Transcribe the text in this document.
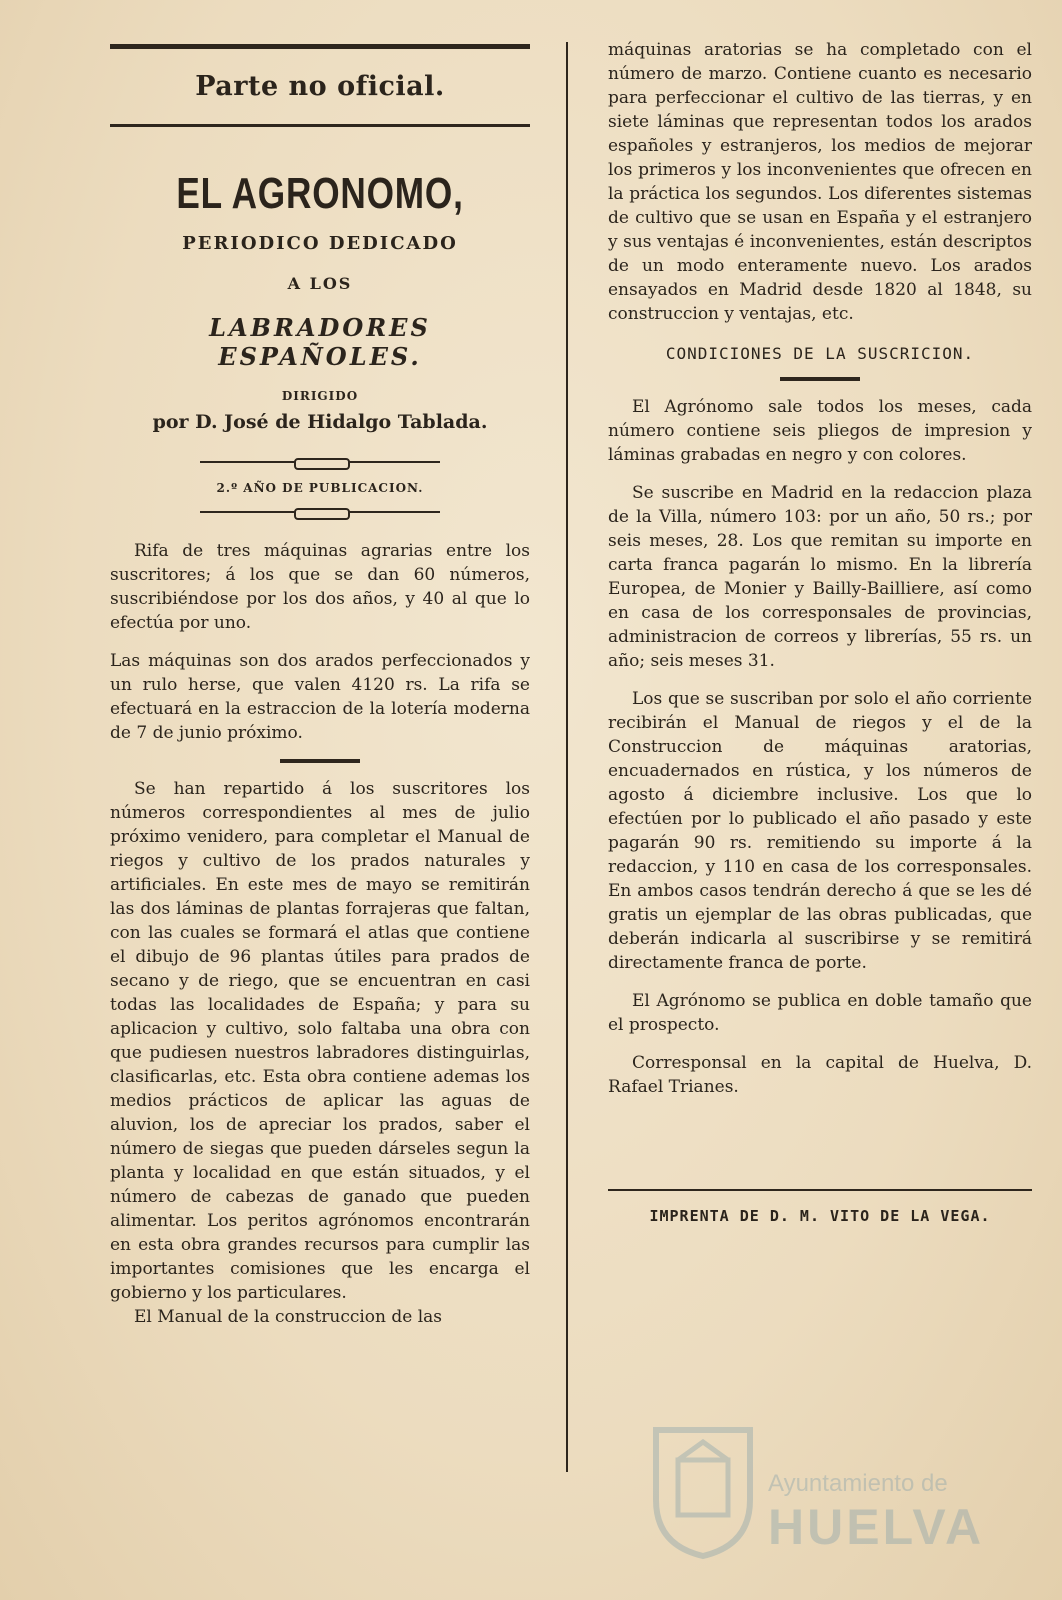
Parte no oficial.
EL AGRONOMO,
PERIODICO DEDICADO
A LOS
LABRADORES ESPAÑOLES.
DIRIGIDO
por D. José de Hidalgo Tablada.
2.º AÑO DE PUBLICACION.

Rifa de tres máquinas agrarias entre los suscritores; á los que se dan 60 números, suscribiéndose por los dos años, y 40 al que lo efectúa por uno.

Las máquinas son dos arados perfeccionados y un rulo herse, que valen 4120 rs. La rifa se efectuará en la estraccion de la lotería moderna de 7 de junio próximo.

Se han repartido á los suscritores los números correspondientes al mes de julio próximo venidero, para completar el Manual de riegos y cultivo de los prados naturales y artificiales. En este mes de mayo se remitirán las dos láminas de plantas forrajeras que faltan, con las cuales se formará el atlas que contiene el dibujo de 96 plantas útiles para prados de secano y de riego, que se encuentran en casi todas las localidades de España; y para su aplicacion y cultivo, solo faltaba una obra con que pudiesen nuestros labradores distinguirlas, clasificarlas, etc. Esta obra contiene ademas los medios prácticos de aplicar las aguas de aluvion, los de apreciar los prados, saber el número de siegas que pueden dárseles segun la planta y localidad en que están situados, y el número de cabezas de ganado que pueden alimentar. Los peritos agrónomos encontrarán en esta obra grandes recursos para cumplir las importantes comisiones que les encarga el gobierno y los particulares.

El Manual de la construccion de las

máquinas aratorias se ha completado con el número de marzo. Contiene cuanto es necesario para perfeccionar el cultivo de las tierras, y en siete láminas que representan todos los arados españoles y estranjeros, los medios de mejorar los primeros y los inconvenientes que ofrecen en la práctica los segundos. Los diferentes sistemas de cultivo que se usan en España y el estranjero y sus ventajas é inconvenientes, están descriptos de un modo enteramente nuevo. Los arados ensayados en Madrid desde 1820 al 1848, su construccion y ventajas, etc.

CONDICIONES DE LA SUSCRICION.

El Agrónomo sale todos los meses, cada número contiene seis pliegos de impresion y láminas grabadas en negro y con colores.

Se suscribe en Madrid en la redaccion plaza de la Villa, número 103: por un año, 50 rs.; por seis meses, 28. Los que remitan su importe en carta franca pagarán lo mismo. En la librería Europea, de Monier y Bailly-Bailliere, así como en casa de los corresponsales de provincias, administracion de correos y librerías, 55 rs. un año; seis meses 31.

Los que se suscriban por solo el año corriente recibirán el Manual de riegos y el de la Construccion de máquinas aratorias, encuadernados en rústica, y los números de agosto á diciembre inclusive. Los que lo efectúen por lo publicado el año pasado y este pagarán 90 rs. remitiendo su importe á la redaccion, y 110 en casa de los corresponsales. En ambos casos tendrán derecho á que se les dé gratis un ejemplar de las obras publicadas, que deberán indicarla al suscribirse y se remitirá directamente franca de porte.

El Agrónomo se publica en doble tamaño que el prospecto.

Corresponsal en la capital de Huelva, D. Rafael Trianes.

IMPRENTA DE D. M. VITO DE LA VEGA.
Ayuntamiento de
HUELVA
